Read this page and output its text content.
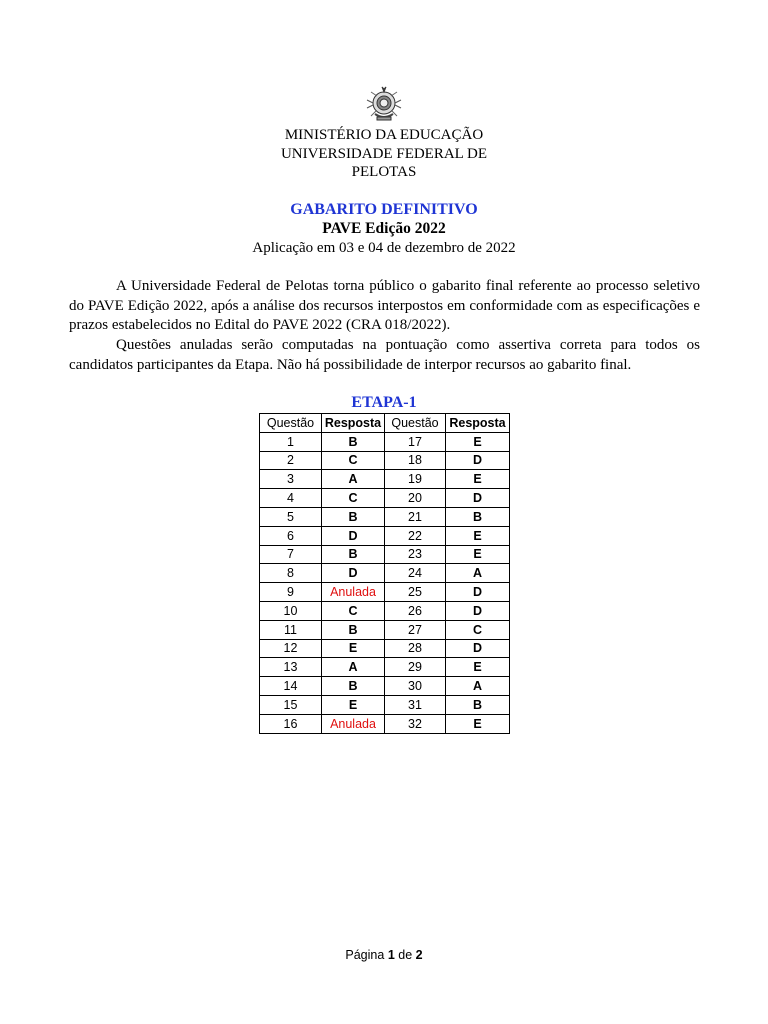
MINISTÉRIO DA EDUCAÇÃO
UNIVERSIDADE FEDERAL DE
PELOTAS
GABARITO DEFINITIVO
PAVE Edição 2022
Aplicação em 03 e 04 de dezembro de 2022
A Universidade Federal de Pelotas torna público o gabarito final referente ao processo seletivo do PAVE Edição 2022, após a análise dos recursos interpostos em conformidade com as especificações e prazos estabelecidos no Edital do PAVE 2022 (CRA 018/2022).
Questões anuladas serão computadas na pontuação como assertiva correta para todos os candidatos participantes da Etapa. Não há possibilidade de interpor recursos ao gabarito final.
ETAPA-1
Questão	Resposta	Questão	Resposta
1	B	17	E
2	C	18	D
3	A	19	E
4	C	20	D
5	B	21	B
6	D	22	E
7	B	23	E
8	D	24	A
9	Anulada	25	D
10	C	26	D
11	B	27	C
12	E	28	D
13	A	29	E
14	B	30	A
15	E	31	B
16	Anulada	32	E
Página 1 de 2
